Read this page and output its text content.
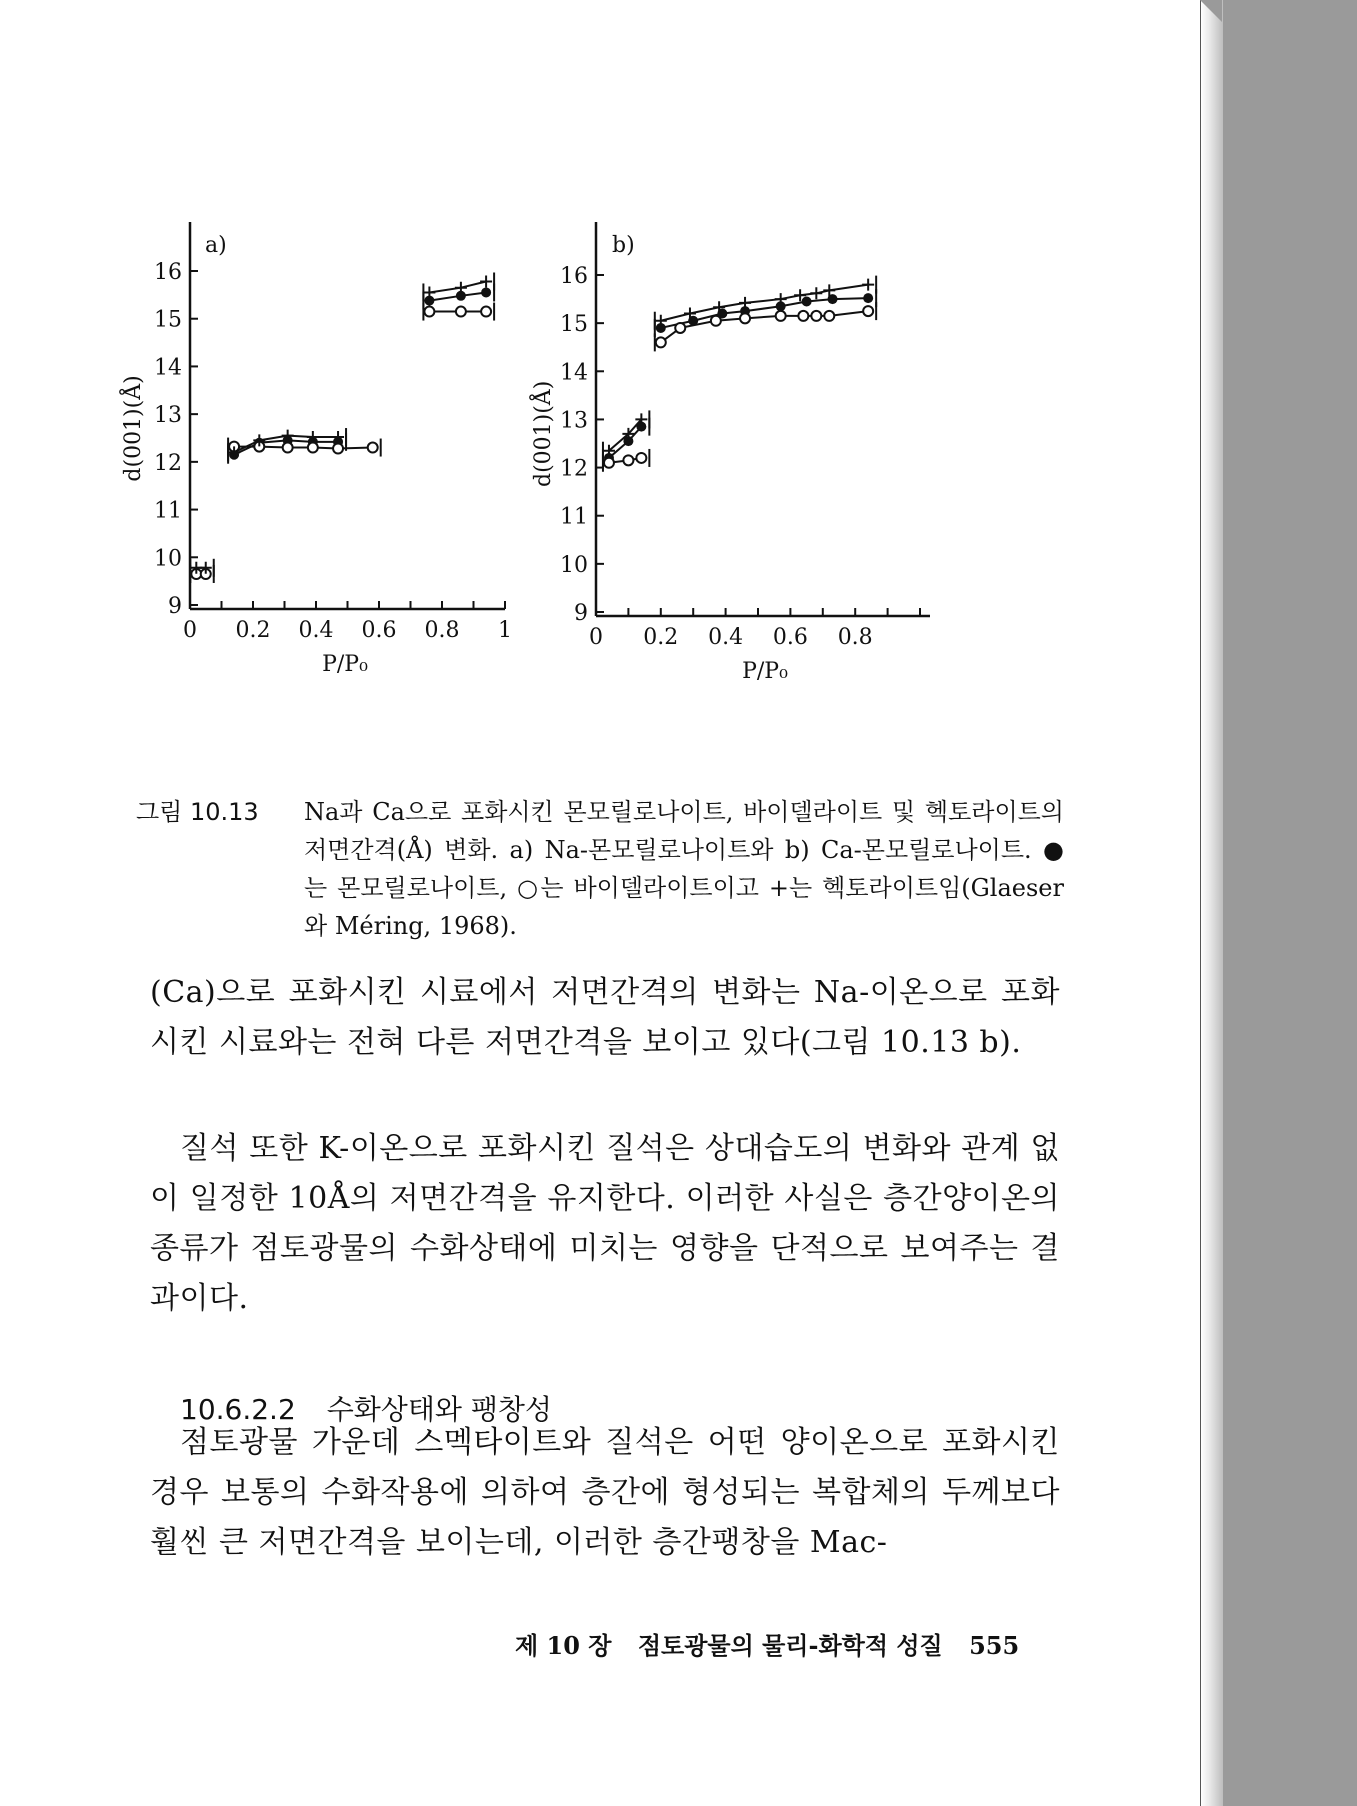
0 0.2 0.4 0.6 0.8 1
9
10
11
12
13
14
15
16
a)
d(001)(Å)
P/P₀
0 0.2 0.4 0.6 0.8
9
10
11
12
13
14
15
16
b)
d(001)(Å)
P/P₀
그림 10.13	Na과 Ca으로 포화시킨 몬모릴로나이트, 바이델라이트 및 헥토라이트의 저면간격(Å) 변화. a) Na-몬모릴로나이트와 b) Ca-몬모릴로나이트. ●는 몬모릴로나이트, ○는 바이델라이트이고 +는 헥토라이트임(Glaeser와 Méring, 1968).
(Ca)으로 포화시킨 시료에서 저면간격의 변화는 Na-이온으로 포화시킨 시료와는 전혀 다른 저면간격을 보이고 있다(그림 10.13 b).
질석 또한 K-이온으로 포화시킨 질석은 상대습도의 변화와 관계 없이 일정한 10Å의 저면간격을 유지한다. 이러한 사실은 층간양이온의 종류가 점토광물의 수화상태에 미치는 영향을 단적으로 보여주는 결과이다.
10.6.2.2 수화상태와 팽창성
점토광물 가운데 스멕타이트와 질석은 어떤 양이온으로 포화시킨 경우 보통의 수화작용에 의하여 층간에 형성되는 복합체의 두께보다 훨씬 큰 저면간격을 보이는데, 이러한 층간팽창을 Mac-
제 10 장 점토광물의 물리-화학적 성질 555
